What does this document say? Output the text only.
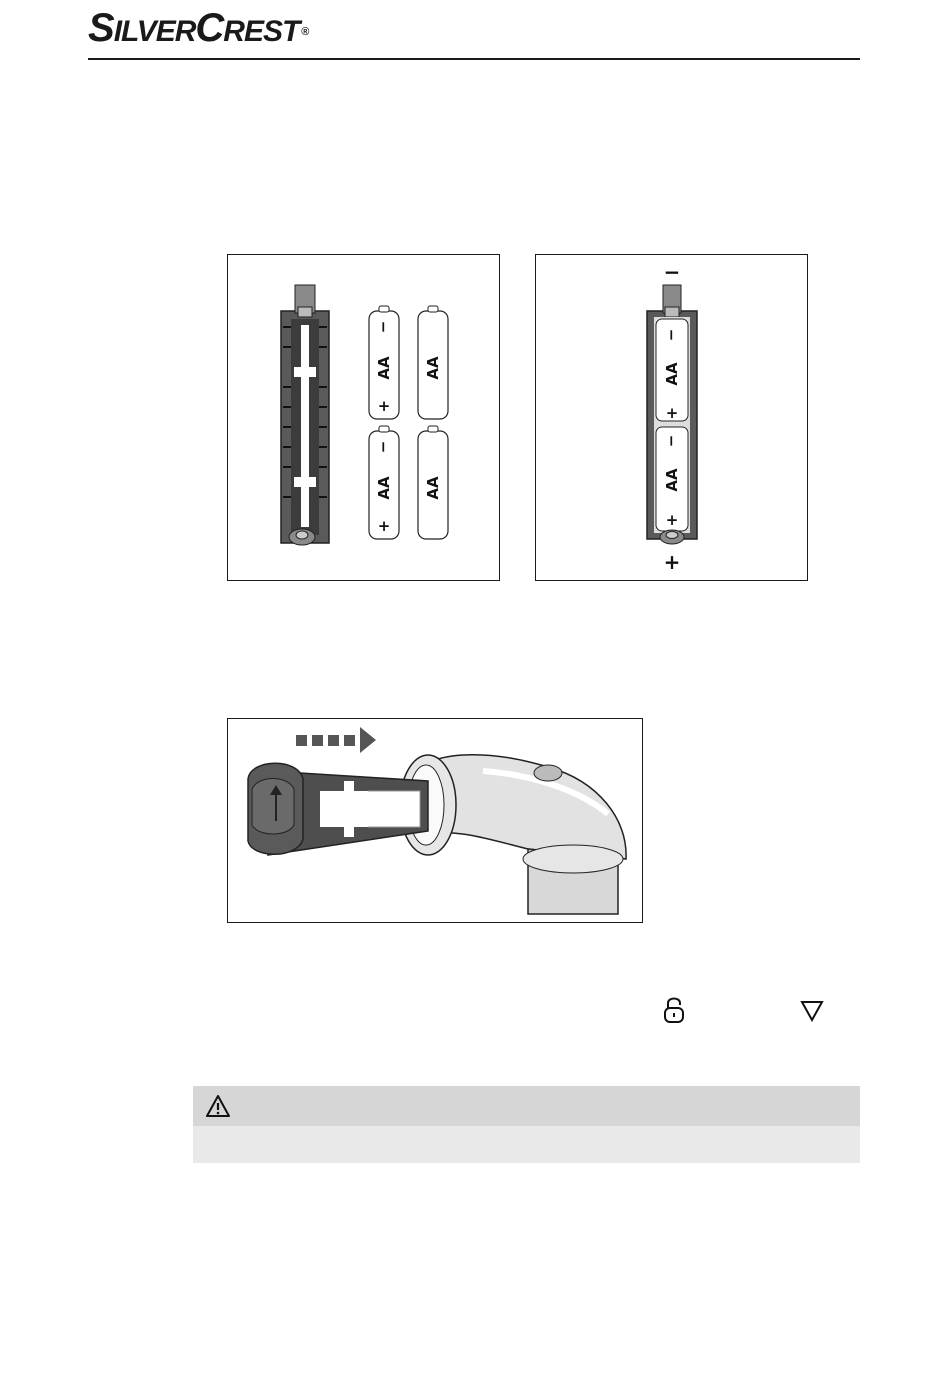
SILVERCREST ®
−
AA
+
AA
−
AA
+
AA
−
+
−
AA
+
−
AA
+
